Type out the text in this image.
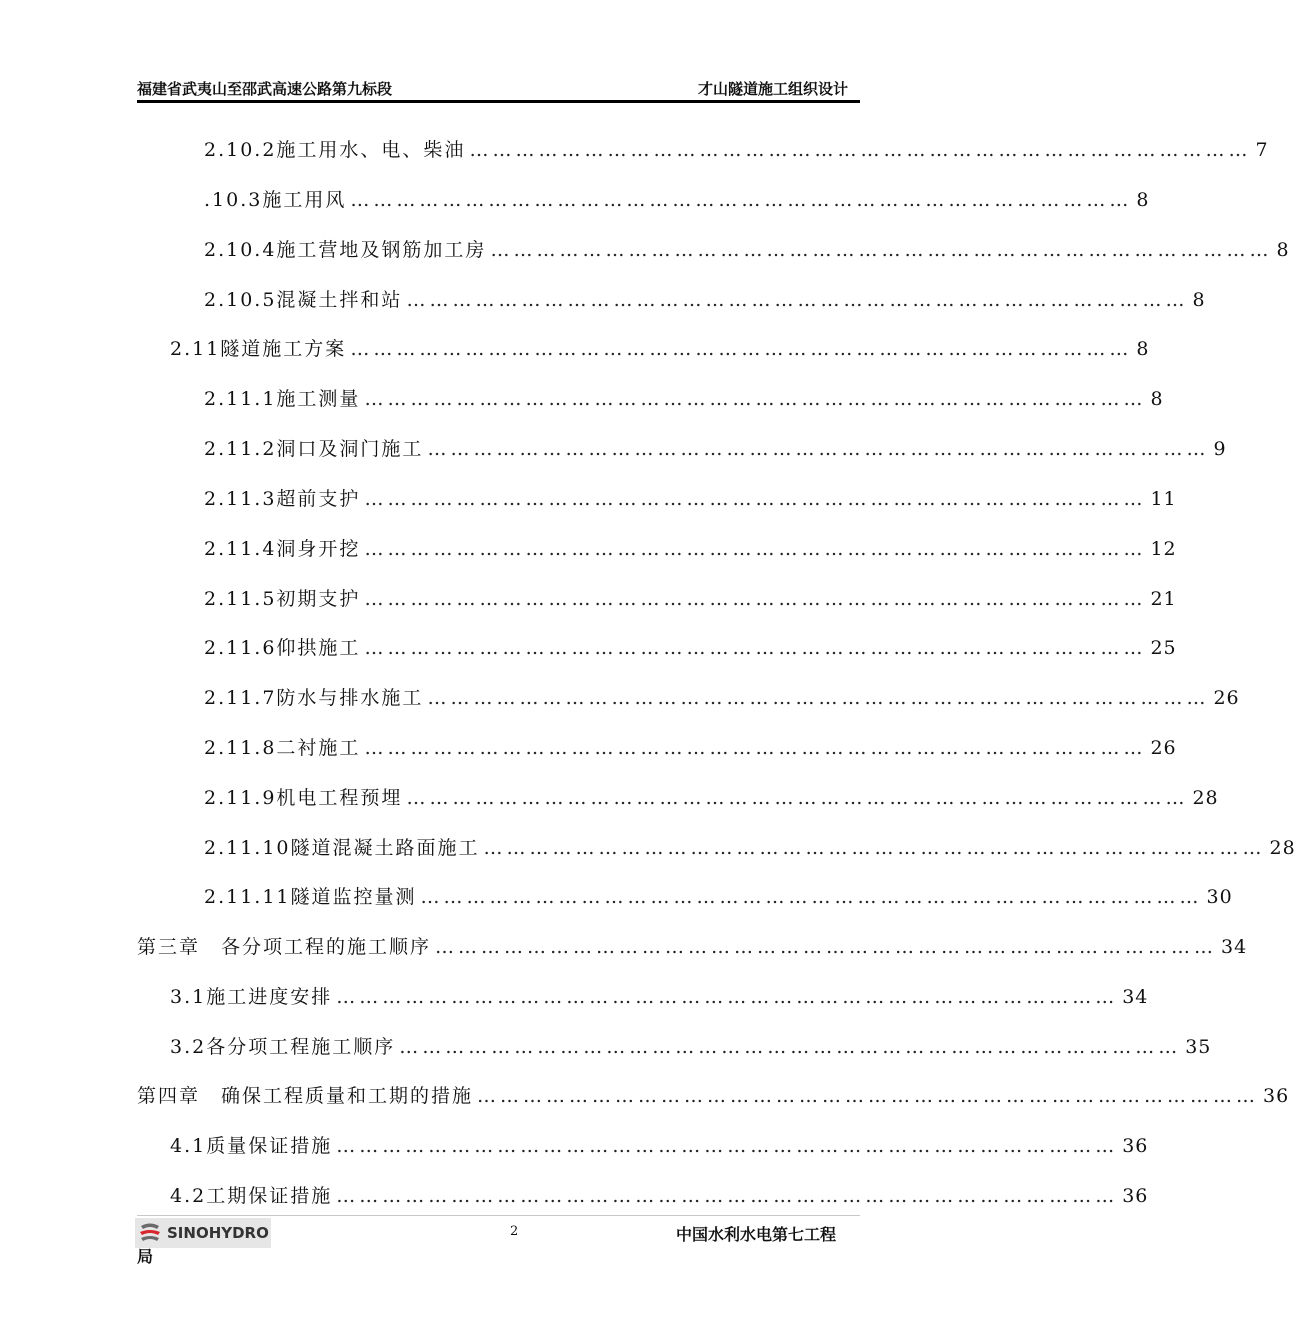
福建省武夷山至邵武高速公路第九标段	才山隧道施工组织设计
2.10.2施工用水、电、柴油 ………………………………………………………………………………………… 7
.10.3施工用风 ………………………………………………………………………………………… 8
2.10.4施工营地及钢筋加工房 ………………………………………………………………………………………… 8
2.10.5混凝土拌和站 ………………………………………………………………………………………… 8
2.11隧道施工方案 ………………………………………………………………………………………… 8
2.11.1施工测量 ………………………………………………………………………………………… 8
2.11.2洞口及洞门施工 ………………………………………………………………………………………… 9
2.11.3超前支护 ………………………………………………………………………………………… 11
2.11.4洞身开挖 ………………………………………………………………………………………… 12
2.11.5初期支护 ………………………………………………………………………………………… 21
2.11.6仰拱施工 ………………………………………………………………………………………… 25
2.11.7防水与排水施工 ………………………………………………………………………………………… 26
2.11.8二衬施工 ………………………………………………………………………………………… 26
2.11.9机电工程预埋 ………………………………………………………………………………………… 28
2.11.10隧道混凝土路面施工 ………………………………………………………………………………………… 28
2.11.11隧道监控量测 ………………………………………………………………………………………… 30
第三章　各分项工程的施工顺序 ………………………………………………………………………………………… 34
3.1施工进度安排 ………………………………………………………………………………………… 34
3.2各分项工程施工顺序 ………………………………………………………………………………………… 35
第四章　确保工程质量和工期的措施 ………………………………………………………………………………………… 36
4.1质量保证措施 ………………………………………………………………………………………… 36
4.2工期保证措施 ………………………………………………………………………………………… 36
SINOHYDRO	2	中国水利水电第七工程
局
